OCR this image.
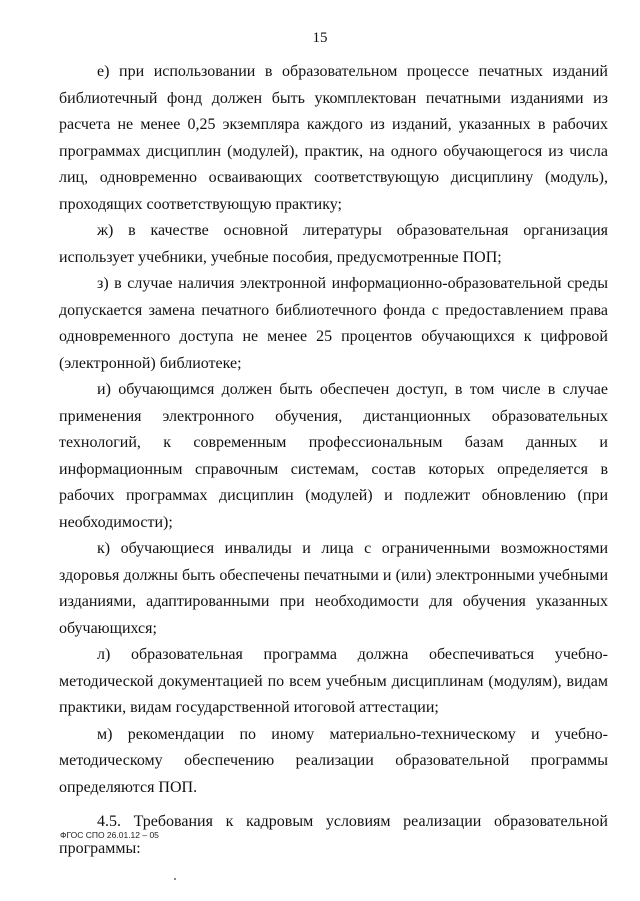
15

е) при использовании в образовательном процессе печатных изданий библиотечный фонд должен быть укомплектован печатными изданиями из расчета не менее 0,25 экземпляра каждого из изданий, указанных в рабочих программах дисциплин (модулей), практик, на одного обучающегося из числа лиц, одновременно осваивающих соответствующую дисциплину (модуль), проходящих соответствующую практику;

ж) в качестве основной литературы образовательная организация использует учебники, учебные пособия, предусмотренные ПОП;

з) в случае наличия электронной информационно-образовательной среды допускается замена печатного библиотечного фонда с предоставлением права одновременного доступа не менее 25 процентов обучающихся к цифровой (электронной) библиотеке;

и) обучающимся должен быть обеспечен доступ, в том числе в случае применения электронного обучения, дистанционных образовательных технологий, к современным профессиональным базам данных и информационным справочным системам, состав которых определяется в рабочих программах дисциплин (модулей) и подлежит обновлению (при необходимости);

к) обучающиеся инвалиды и лица с ограниченными возможностями здоровья должны быть обеспечены печатными и (или) электронными учебными изданиями, адаптированными при необходимости для обучения указанных обучающихся;

л) образовательная программа должна обеспечиваться учебно-методической документацией по всем учебным дисциплинам (модулям), видам практики, видам государственной итоговой аттестации;

м) рекомендации по иному материально-техническому и учебно-методическому обеспечению реализации образовательной программы определяются ПОП.

4.5. Требования к кадровым условиям реализации образовательной программы:

ФГОС СПО 26.01.12 – 05
